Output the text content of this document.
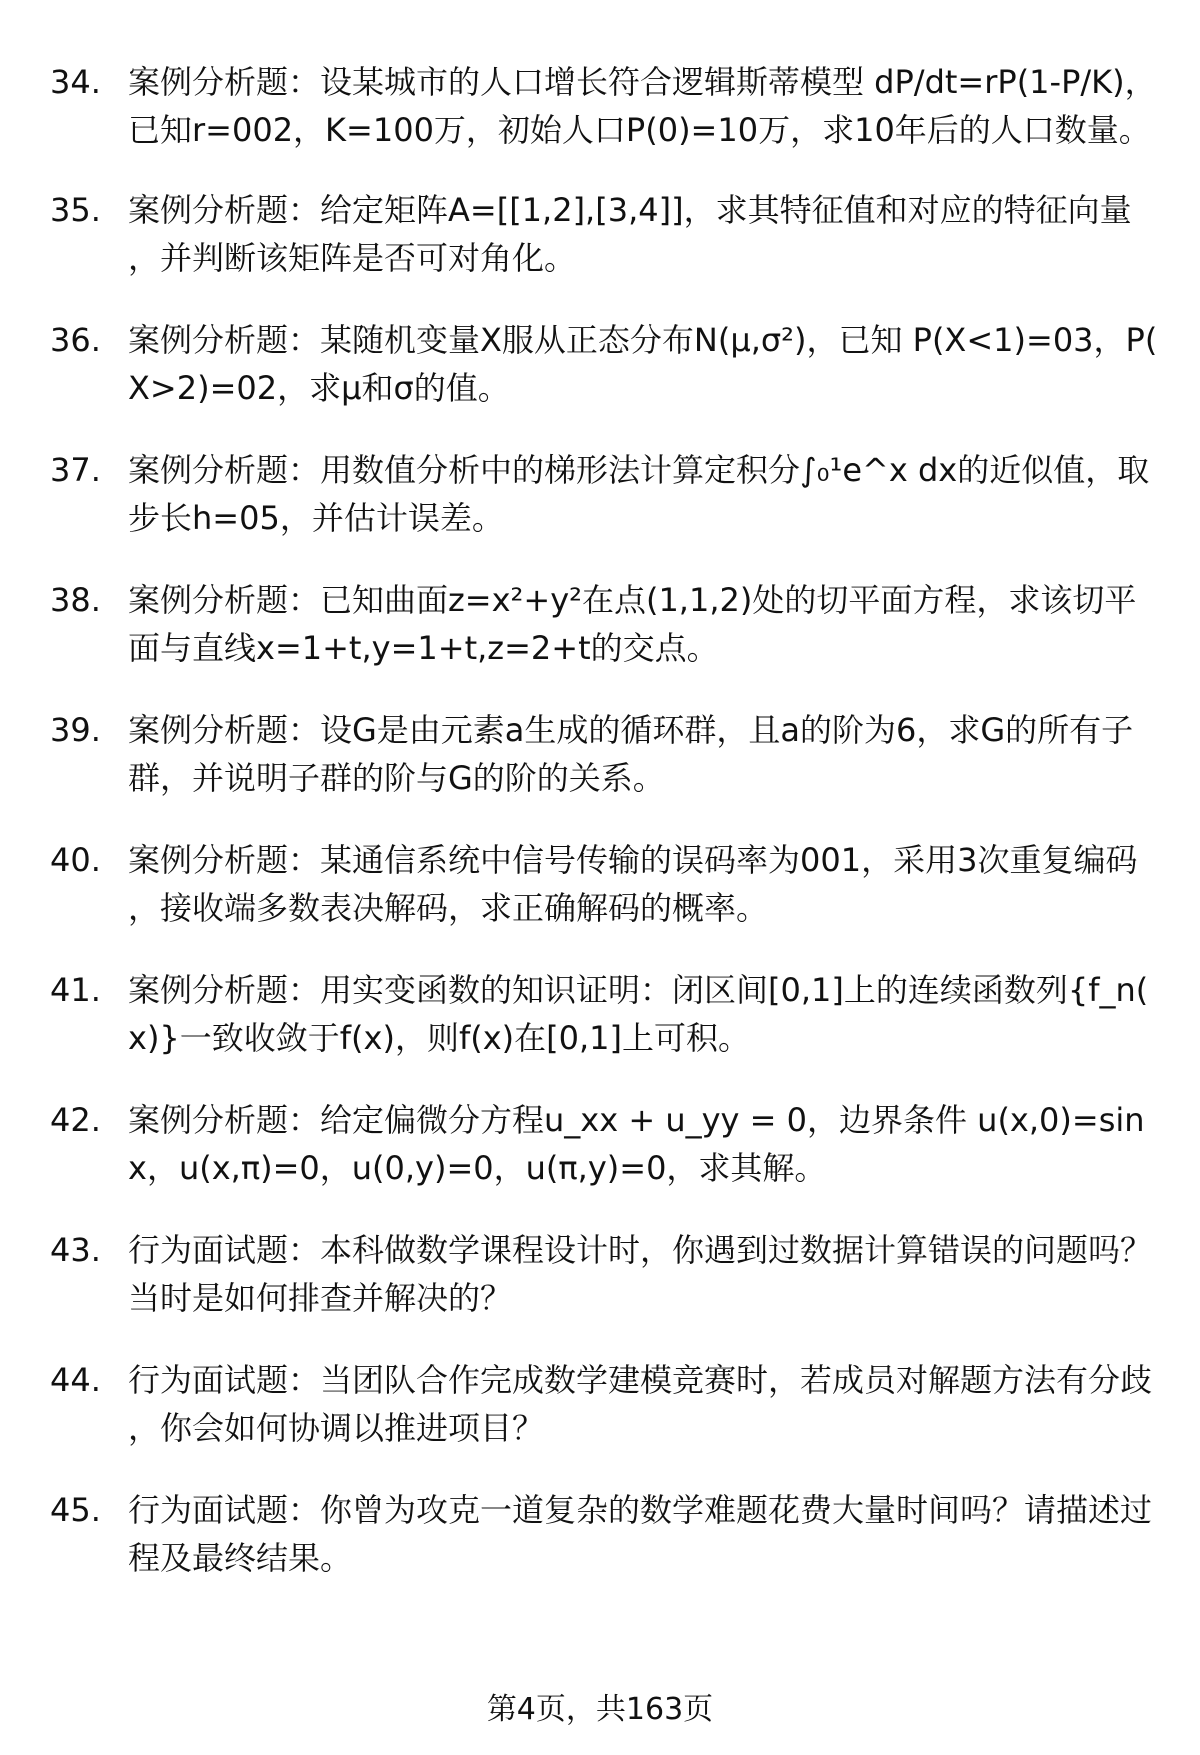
34. 案例分析题：设某城市的人口增长符合逻辑斯蒂模型 dP/dt=rP(1-P/K)，已知r=002，K=100万，初始人口P(0)=10万，求10年后的人口数量。
35. 案例分析题：给定矩阵A=[[1,2],[3,4]]，求其特征值和对应的特征向量，并判断该矩阵是否可对角化。
36. 案例分析题：某随机变量X服从正态分布N(μ,σ²)，已知 P(X<1)=03，P(X>2)=02，求μ和σ的值。
37. 案例分析题：用数值分析中的梯形法计算定积分∫₀¹e^x dx的近似值，取步长h=05，并估计误差。
38. 案例分析题：已知曲面z=x²+y²在点(1,1,2)处的切平面方程，求该切平面与直线x=1+t,y=1+t,z=2+t的交点。
39. 案例分析题：设G是由元素a生成的循环群，且a的阶为6，求G的所有子群，并说明子群的阶与G的阶的关系。
40. 案例分析题：某通信系统中信号传输的误码率为001，采用3次重复编码，接收端多数表决解码，求正确解码的概率。
41. 案例分析题：用实变函数的知识证明：闭区间[0,1]上的连续函数列{f_n(x)}一致收敛于f(x)，则f(x)在[0,1]上可积。
42. 案例分析题：给定偏微分方程u_xx + u_yy = 0，边界条件 u(x,0)=sinx，u(x,π)=0，u(0,y)=0，u(π,y)=0，求其解。
43. 行为面试题：本科做数学课程设计时，你遇到过数据计算错误的问题吗？当时是如何排查并解决的？
44. 行为面试题：当团队合作完成数学建模竞赛时，若成员对解题方法有分歧，你会如何协调以推进项目？
45. 行为面试题：你曾为攻克一道复杂的数学难题花费大量时间吗？请描述过程及最终结果。
第4页，共163页
